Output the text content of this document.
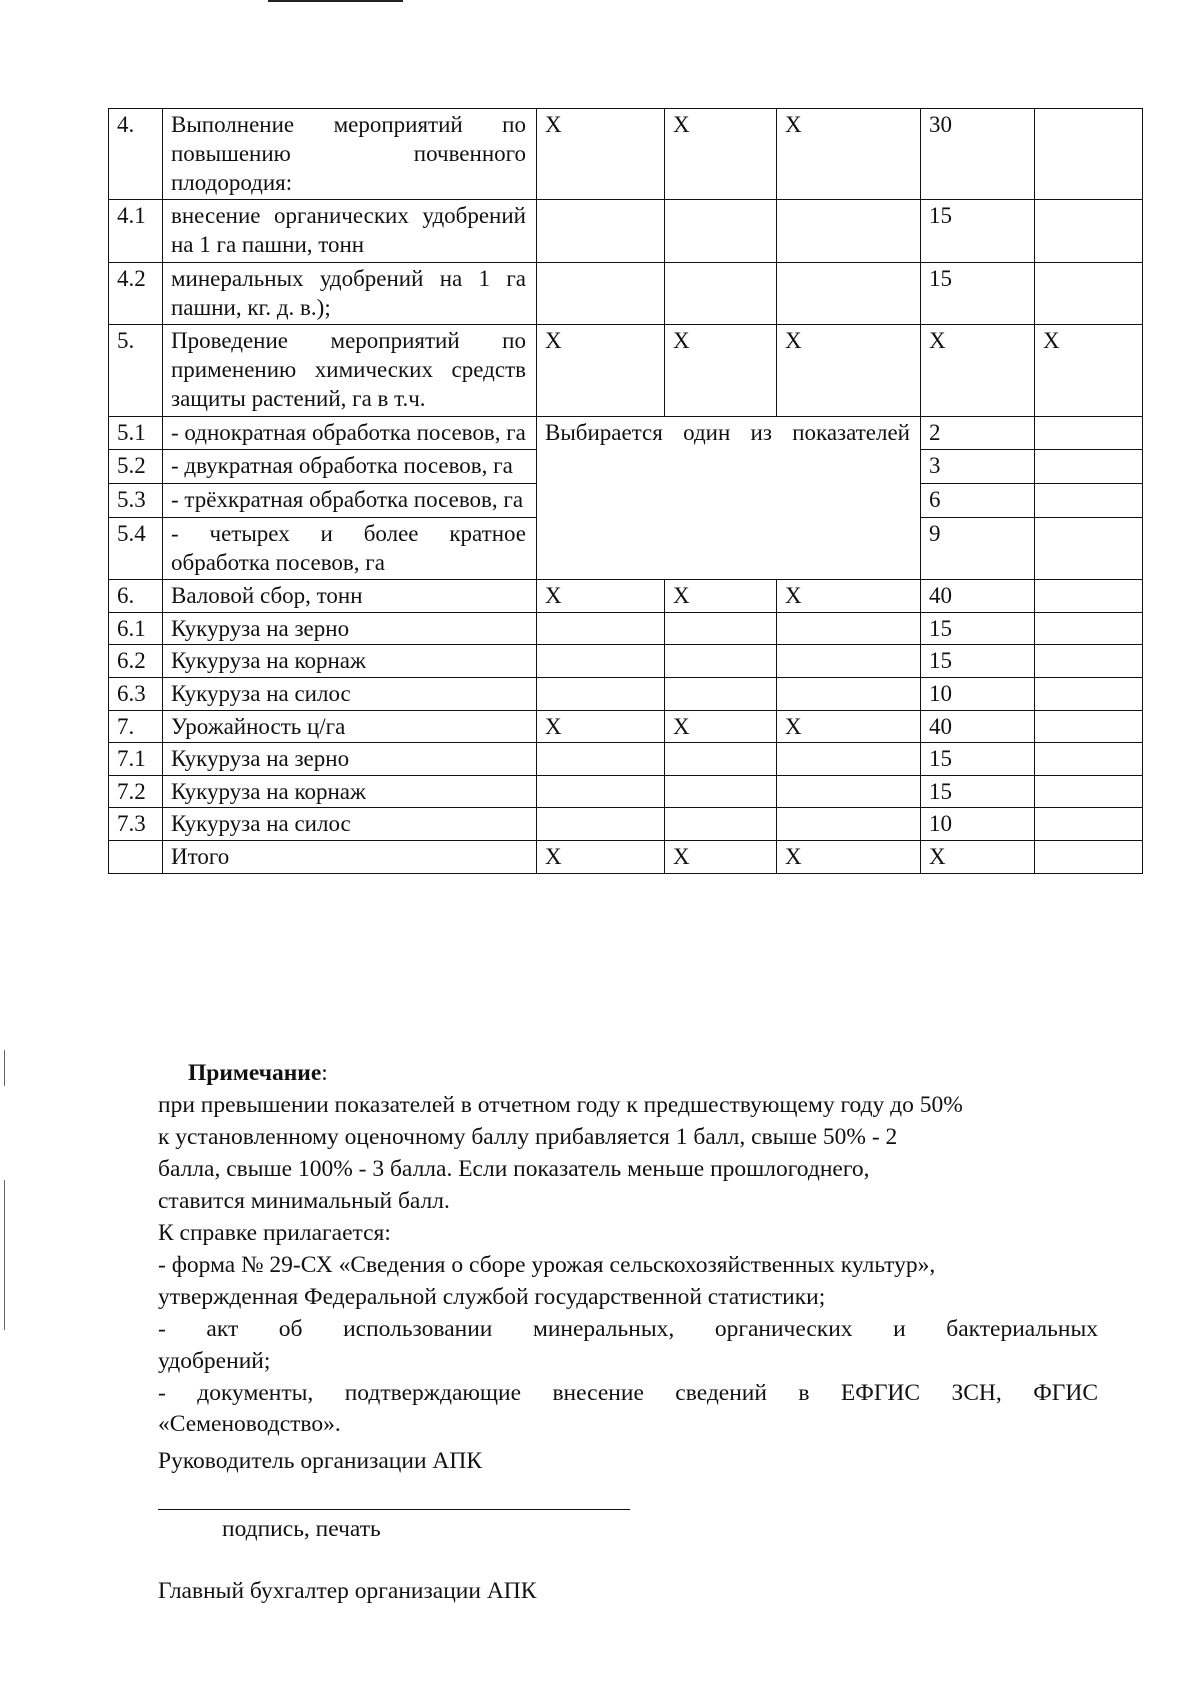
4.	Выполнение мероприятий по повышению почвенного плодородия:	X	X	X	30	
4.1	внесение органических удобрений на 1 га пашни, тонн				15	
4.2	минеральных удобрений на 1 га пашни, кг. д. в.);				15	
5.	Проведение мероприятий по применению химических средств защиты растений, га в т.ч.	X	X	X	X	X
5.1	- однократная обработка посевов, га	Выбирается один из показателей			2	
5.2	- двукратная обработка посевов, га				3	
5.3	- трёхкратная обработка посевов, га				6	
5.4	- четырех и более кратное обработка посевов, га				9	
6.	Валовой сбор, тонн	X	X	X	40	
6.1	Кукуруза на зерно				15	
6.2	Кукуруза на корнаж				15	
6.3	Кукуруза на силос				10	
7.	Урожайность ц/га	X	X	X	40	
7.1	Кукуруза на зерно				15	
7.2	Кукуруза на корнаж				15	
7.3	Кукуруза на силос				10	
	Итого	X	X	X	X	

Примечание:

при превышении показателей в отчетном году к предшествующему году до 50%

к установленному оценочному баллу прибавляется 1 балл, свыше 50% - 2

балла, свыше 100% - 3 балла. Если показатель меньше прошлогоднего,

ставится минимальный балл.

К справке прилагается:

- форма № 29-СХ «Сведения о сборе урожая сельскохозяйственных культур»,

утвержденная Федеральной службой государственной статистики;

- акт об использовании минеральных, органических и бактериальных

удобрений;

- документы, подтверждающие внесение сведений в ЕФГИС ЗСН, ФГИС

«Семеноводство».

Руководитель организации АПК
подпись, печать
Главный бухгалтер организации АПК
